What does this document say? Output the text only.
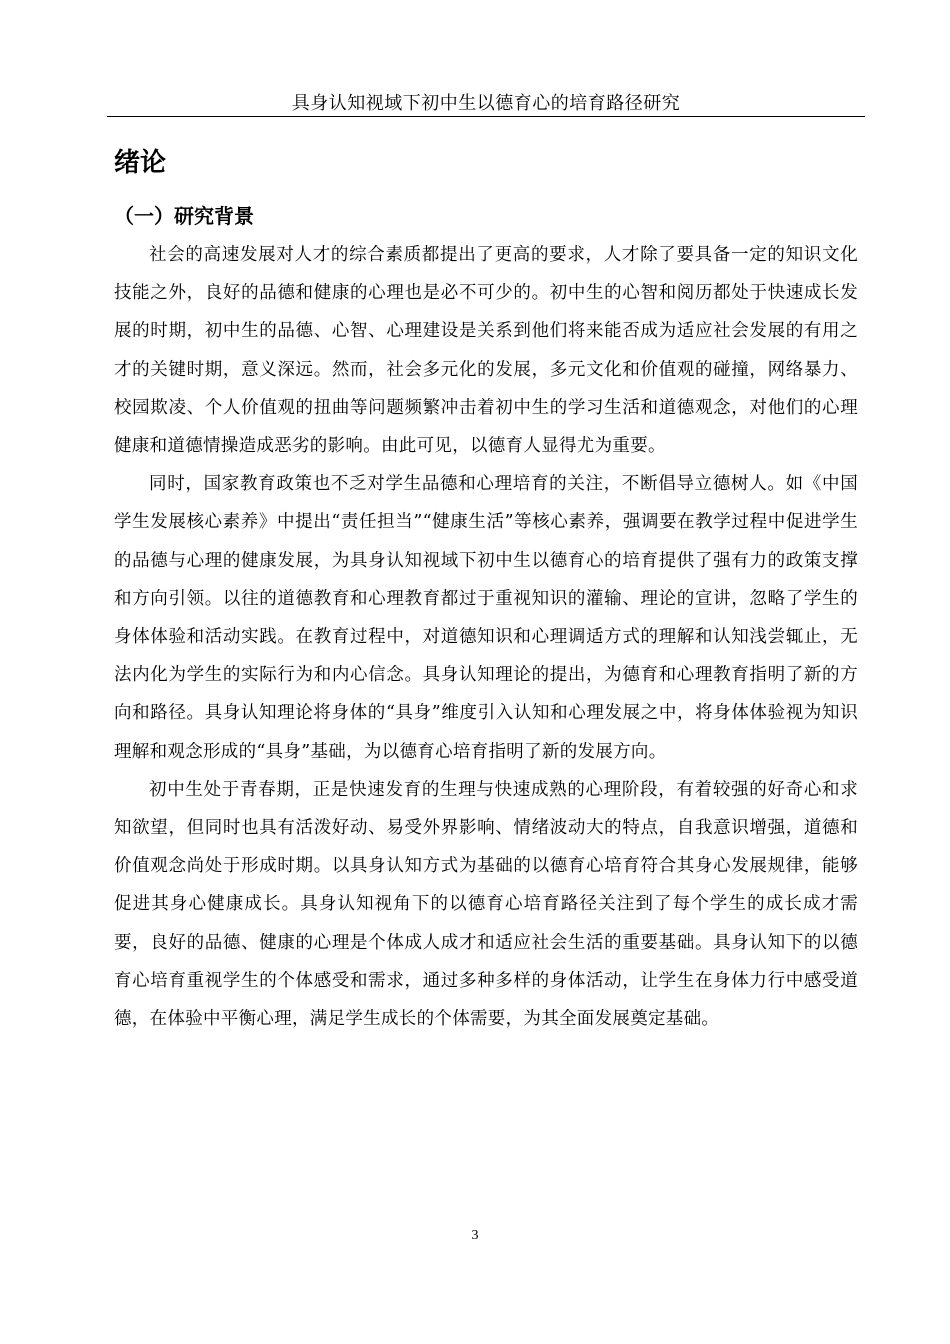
具身认知视域下初中生以德育心的培育路径研究
绪论
（一）研究背景

社会的高速发展对人才的综合素质都提出了更高的要求，人才除了要具备一定的知识文化技能之外，良好的品德和健康的心理也是必不可少的。初中生的心智和阅历都处于快速成长发展的时期，初中生的品德、心智、心理建设是关系到他们将来能否成为适应社会发展的有用之才的关键时期，意义深远。然而，社会多元化的发展，多元文化和价值观的碰撞，网络暴力、校园欺凌、个人价值观的扭曲等问题频繁冲击着初中生的学习生活和道德观念，对他们的心理健康和道德情操造成恶劣的影响。由此可见，以德育人显得尤为重要。

同时，国家教育政策也不乏对学生品德和心理培育的关注，不断倡导立德树人。如《中国学生发展核心素养》中提出“责任担当”“健康生活”等核心素养，强调要在教学过程中促进学生的品德与心理的健康发展，为具身认知视域下初中生以德育心的培育提供了强有力的政策支撑和方向引领。以往的道德教育和心理教育都过于重视知识的灌输、理论的宣讲，忽略了学生的身体体验和活动实践。在教育过程中，对道德知识和心理调适方式的理解和认知浅尝辄止，无法内化为学生的实际行为和内心信念。具身认知理论的提出，为德育和心理教育指明了新的方向和路径。具身认知理论将身体的“具身”维度引入认知和心理发展之中，将身体体验视为知识理解和观念形成的“具身”基础，为以德育心培育指明了新的发展方向。

初中生处于青春期，正是快速发育的生理与快速成熟的心理阶段，有着较强的好奇心和求知欲望，但同时也具有活泼好动、易受外界影响、情绪波动大的特点，自我意识增强，道德和价值观念尚处于形成时期。以具身认知方式为基础的以德育心培育符合其身心发展规律，能够促进其身心健康成长。具身认知视角下的以德育心培育路径关注到了每个学生的成长成才需要，良好的品德、健康的心理是个体成人成才和适应社会生活的重要基础。具身认知下的以德育心培育重视学生的个体感受和需求，通过多种多样的身体活动，让学生在身体力行中感受道德，在体验中平衡心理，满足学生成长的个体需要，为其全面发展奠定基础。

3
